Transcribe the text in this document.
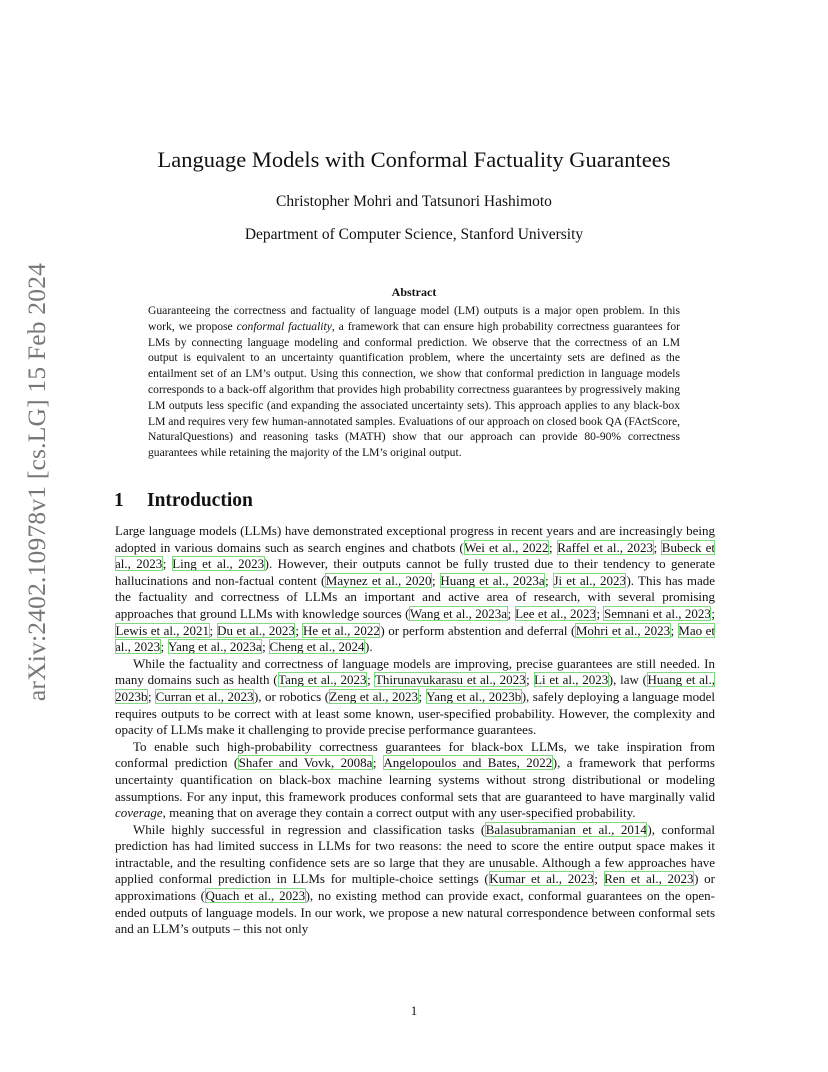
arXiv:2402.10978v1 [cs.LG] 15 Feb 2024
Language Models with Conformal Factuality Guarantees
Christopher Mohri and Tatsunori Hashimoto
Department of Computer Science, Stanford University
Abstract
Guaranteeing the correctness and factuality of language model (LM) outputs is a major open problem. In this work, we propose conformal factuality, a framework that can ensure high probability correctness guarantees for LMs by connecting language modeling and conformal prediction. We observe that the correctness of an LM output is equivalent to an uncertainty quantification problem, where the uncertainty sets are defined as the entailment set of an LM’s output. Using this connection, we show that conformal prediction in language models corresponds to a back-off algorithm that provides high probability correctness guarantees by progressively making LM outputs less specific (and expanding the associated uncertainty sets). This approach applies to any black-box LM and requires very few human-annotated samples. Evaluations of our approach on closed book QA (FActScore, NaturalQuestions) and reasoning tasks (MATH) show that our approach can provide 80-90% correctness guarantees while retaining the majority of the LM’s original output.
1 Introduction

Large language models (LLMs) have demonstrated exceptional progress in recent years and are increasingly being adopted in various domains such as search engines and chatbots (Wei et al., 2022; Raffel et al., 2023; Bubeck et al., 2023; Ling et al., 2023). However, their outputs cannot be fully trusted due to their tendency to generate hallucinations and non-factual content (Maynez et al., 2020; Huang et al., 2023a; Ji et al., 2023). This has made the factuality and correctness of LLMs an important and active area of research, with several promising approaches that ground LLMs with knowledge sources (Wang et al., 2023a; Lee et al., 2023; Semnani et al., 2023; Lewis et al., 2021; Du et al., 2023; He et al., 2022) or perform abstention and deferral (Mohri et al., 2023; Mao et al., 2023; Yang et al., 2023a; Cheng et al., 2024).

While the factuality and correctness of language models are improving, precise guarantees are still needed. In many domains such as health (Tang et al., 2023; Thirunavukarasu et al., 2023; Li et al., 2023), law (Huang et al., 2023b; Curran et al., 2023), or robotics (Zeng et al., 2023; Yang et al., 2023b), safely deploying a language model requires outputs to be correct with at least some known, user-specified probability. However, the complexity and opacity of LLMs make it challenging to provide precise performance guarantees.

To enable such high-probability correctness guarantees for black-box LLMs, we take inspiration from conformal prediction (Shafer and Vovk, 2008a; Angelopoulos and Bates, 2022), a framework that performs uncertainty quantification on black-box machine learning systems without strong distributional or modeling assumptions. For any input, this framework produces conformal sets that are guaranteed to have marginally valid coverage, meaning that on average they contain a correct output with any user-specified probability.

While highly successful in regression and classification tasks (Balasubramanian et al., 2014), conformal prediction has had limited success in LLMs for two reasons: the need to score the entire output space makes it intractable, and the resulting confidence sets are so large that they are unusable. Although a few approaches have applied conformal prediction in LLMs for multiple-choice settings (Kumar et al., 2023; Ren et al., 2023) or approximations (Quach et al., 2023), no existing method can provide exact, conformal guarantees on the open-ended outputs of language models. In our work, we propose a new natural correspondence between conformal sets and an LLM’s outputs – this not only

1
